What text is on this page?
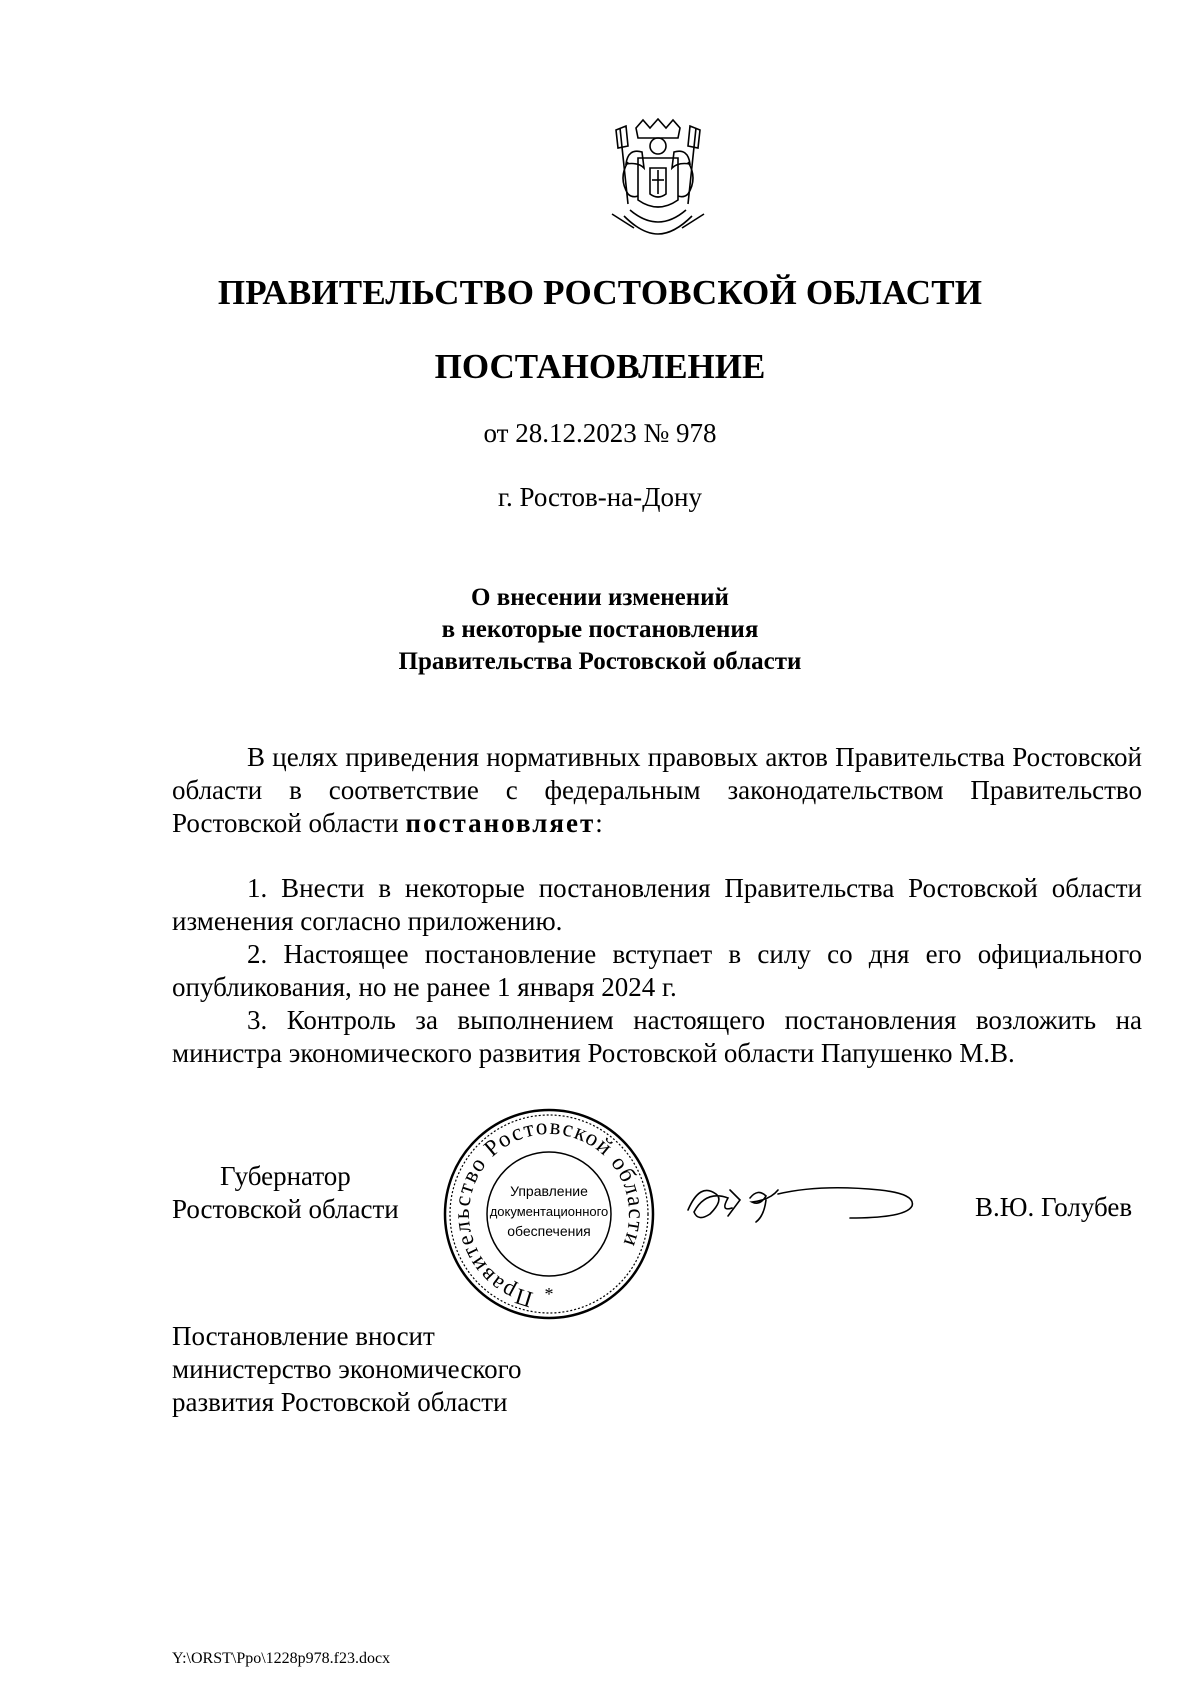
ПРАВИТЕЛЬСТВО РОСТОВСКОЙ ОБЛАСТИ
ПОСТАНОВЛЕНИЕ
от 28.12.2023 № 978
г. Ростов-на-Дону
О внесении изменений
в некоторые постановления
Правительства Ростовской области

В целях приведения нормативных правовых актов Правительства Ростовской области в соответствие с федеральным законодательством Правительство Ростовской области постановляет:

1. Внести в некоторые постановления Правительства Ростовской области изменения согласно приложению.

2. Настоящее постановление вступает в силу со дня его официального опубликования, но не ранее 1 января 2024 г.

3. Контроль за выполнением настоящего постановления возложить на министра экономического развития Ростовской области Папушенко М.В.

Губернатор
Ростовской области
Правительство Ростовской области
Управление
документационного
обеспечения
*
В.Ю. Голубев
Постановление вносит
министерство экономического
развития Ростовской области
Y:\ORST\Ppo\1228p978.f23.docx
